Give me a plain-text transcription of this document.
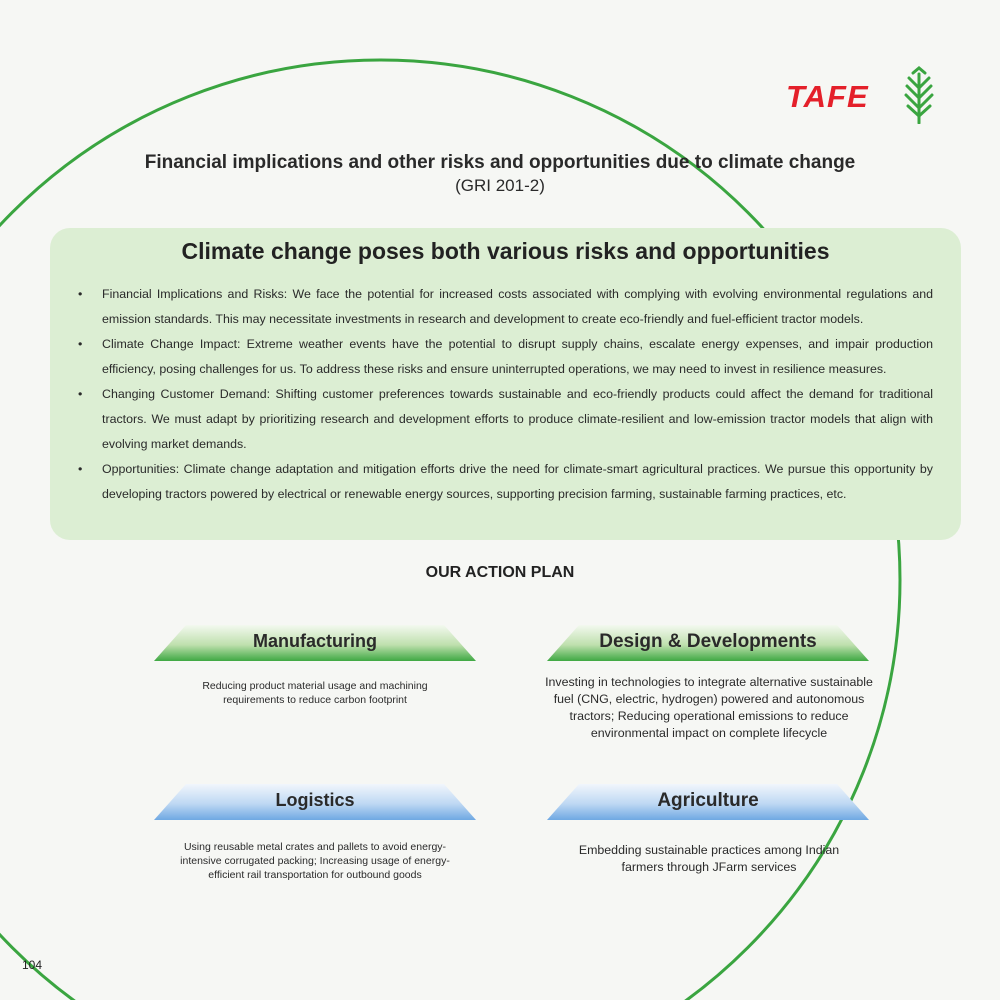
TAFE
Financial implications and other risks and opportunities due to climate change
(GRI 201-2)
Climate change poses both various risks and opportunities
• Financial Implications and Risks: We face the potential for increased costs associated with complying with evolving environmental regulations and emission standards. This may necessitate investments in research and development to create eco-friendly and fuel-efficient tractor models.
• Climate Change Impact: Extreme weather events have the potential to disrupt supply chains, escalate energy expenses, and impair production efficiency, posing challenges for us. To address these risks and ensure uninterrupted operations, we may need to invest in resilience measures.
• Changing Customer Demand: Shifting customer preferences towards sustainable and eco-friendly products could affect the demand for traditional tractors. We must adapt by prioritizing research and development efforts to produce climate-resilient and low-emission tractor models that align with evolving market demands.
• Opportunities: Climate change adaptation and mitigation efforts drive the need for climate-smart agricultural practices. We pursue this opportunity by developing tractors powered by electrical or renewable energy sources, supporting precision farming, sustainable farming practices, etc.
OUR ACTION PLAN
Manufacturing
Reducing product material usage and machining requirements to reduce carbon footprint
Design & Developments
Investing in technologies to integrate alternative sustainable fuel (CNG, electric, hydrogen) powered and autonomous tractors; Reducing operational emissions to reduce environmental impact on complete lifecycle
Logistics
Using reusable metal crates and pallets to avoid energy-intensive corrugated packing; Increasing usage of energy-efficient rail transportation for outbound goods
Agriculture
Embedding sustainable practices among Indian farmers through JFarm services
104
